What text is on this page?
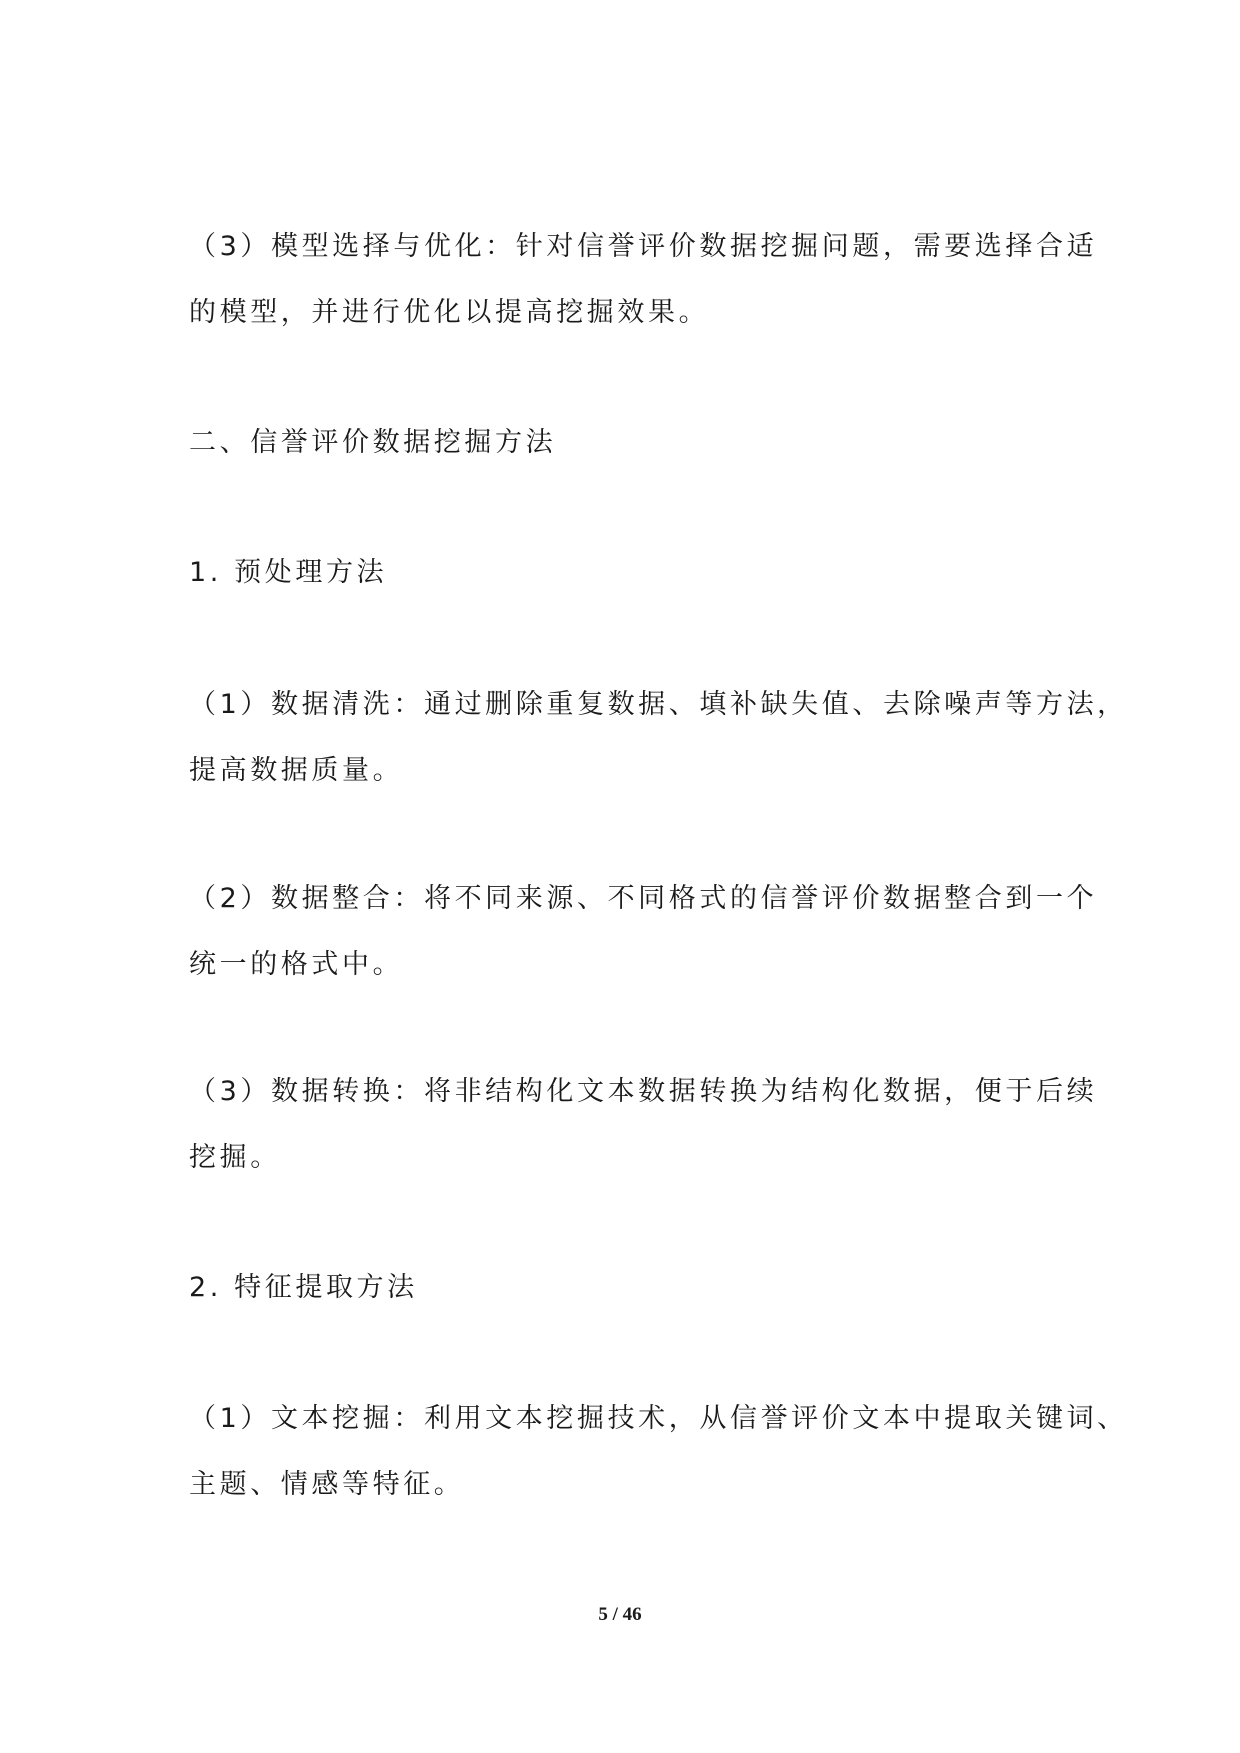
（3）模型选择与优化：针对信誉评价数据挖掘问题，需要选择合适
的模型，并进行优化以提高挖掘效果。
二、信誉评价数据挖掘方法
1. 预处理方法
（1）数据清洗：通过删除重复数据、填补缺失值、去除噪声等方法，
提高数据质量。
（2）数据整合：将不同来源、不同格式的信誉评价数据整合到一个
统一的格式中。
（3）数据转换：将非结构化文本数据转换为结构化数据，便于后续
挖掘。
2. 特征提取方法
（1）文本挖掘：利用文本挖掘技术，从信誉评价文本中提取关键词、
主题、情感等特征。
5 / 46
